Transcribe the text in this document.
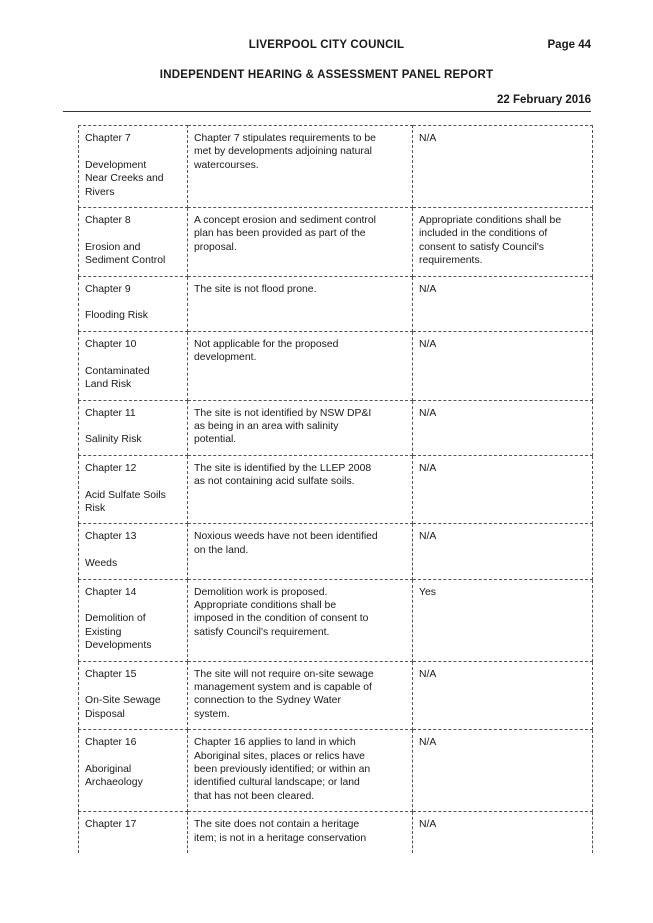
LIVERPOOL CITY COUNCIL	Page 44
INDEPENDENT HEARING & ASSESSMENT PANEL REPORT
22 February 2016
Chapter 7

Development
Near Creeks and
Rivers	Chapter 7 stipulates requirements to be
met by developments adjoining natural
watercourses.	N/A
Chapter 8

Erosion and
Sediment Control	A concept erosion and sediment control
plan has been provided as part of the
proposal.	Appropriate conditions shall be
included in the conditions of
consent to satisfy Council's
requirements.
Chapter 9

Flooding Risk	The site is not flood prone.	N/A
Chapter 10

Contaminated
Land Risk	Not applicable for the proposed
development.	N/A
Chapter 11

Salinity Risk	The site is not identified by NSW DP&I
as being in an area with salinity
potential.	N/A
Chapter 12

Acid Sulfate Soils
Risk	The site is identified by the LLEP 2008
as not containing acid sulfate soils.	N/A
Chapter 13

Weeds	Noxious weeds have not been identified
on the land.	N/A
Chapter 14

Demolition of
Existing
Developments	Demolition work is proposed.
Appropriate conditions shall be
imposed in the condition of consent to
satisfy Council's requirement.	Yes
Chapter 15

On-Site Sewage
Disposal	The site will not require on-site sewage
management system and is capable of
connection to the Sydney Water
system.	N/A
Chapter 16

Aboriginal
Archaeology	Chapter 16 applies to land in which
Aboriginal sites, places or relics have
been previously identified; or within an
identified cultural landscape; or land
that has not been cleared.	N/A
Chapter 17	The site does not contain a heritage
item; is not in a heritage conservation	N/A
